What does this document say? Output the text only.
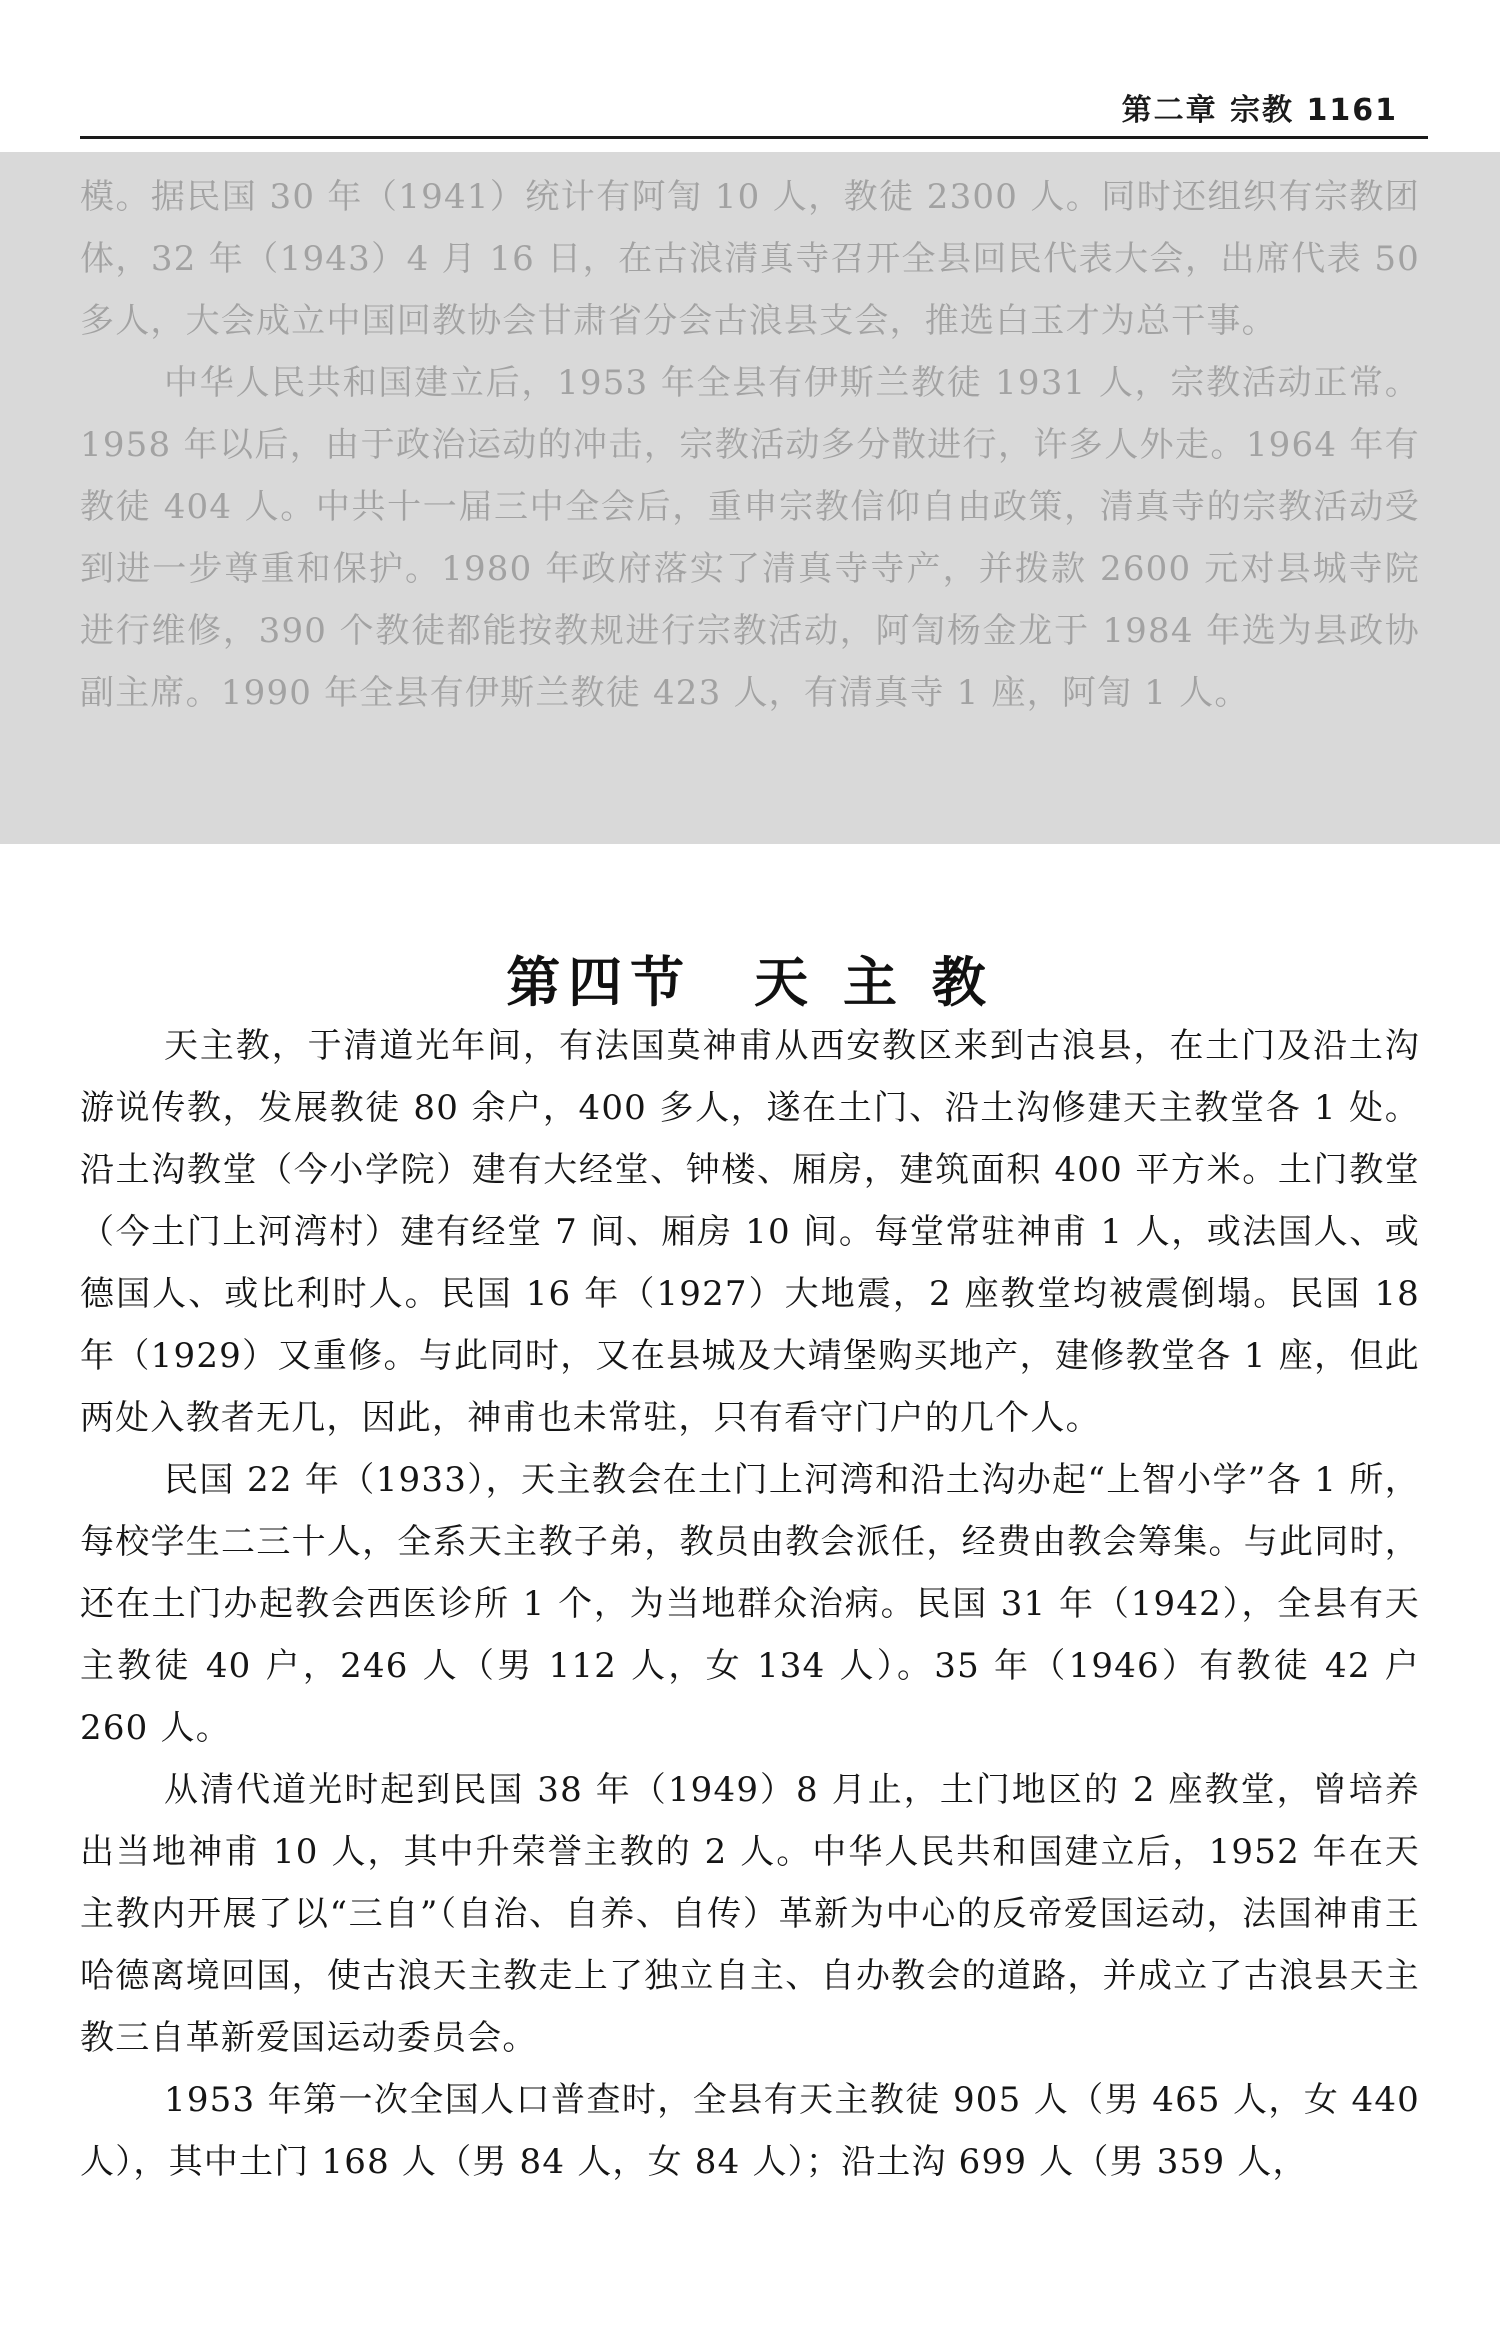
第二章 宗教 1161

模。据民国 30 年（1941）统计有阿訇 10 人，教徒 2300 人。同时还组织有宗教团体，32 年（1943）4 月 16 日，在古浪清真寺召开全县回民代表大会，出席代表 50 多人，大会成立中国回教协会甘肃省分会古浪县支会，推选白玉才为总干事。

中华人民共和国建立后，1953 年全县有伊斯兰教徒 1931 人，宗教活动正常。1958 年以后，由于政治运动的冲击，宗教活动多分散进行，许多人外走。1964 年有教徒 404 人。中共十一届三中全会后，重申宗教信仰自由政策，清真寺的宗教活动受到进一步尊重和保护。1980 年政府落实了清真寺寺产，并拨款 2600 元对县城寺院进行维修，390 个教徒都能按教规进行宗教活动，阿訇杨金龙于 1984 年选为县政协副主席。1990 年全县有伊斯兰教徒 423 人，有清真寺 1 座，阿訇 1 人。

第四节　天 主 教

天主教，于清道光年间，有法国莫神甫从西安教区来到古浪县，在土门及沿土沟游说传教，发展教徒 80 余户，400 多人，遂在土门、沿土沟修建天主教堂各 1 处。沿土沟教堂（今小学院）建有大经堂、钟楼、厢房，建筑面积 400 平方米。土门教堂（今土门上河湾村）建有经堂 7 间、厢房 10 间。每堂常驻神甫 1 人，或法国人、或德国人、或比利时人。民国 16 年（1927）大地震，2 座教堂均被震倒塌。民国 18 年（1929）又重修。与此同时，又在县城及大靖堡购买地产，建修教堂各 1 座，但此两处入教者无几，因此，神甫也未常驻，只有看守门户的几个人。

民国 22 年（1933），天主教会在土门上河湾和沿土沟办起“上智小学”各 1 所，每校学生二三十人，全系天主教子弟，教员由教会派任，经费由教会筹集。与此同时，还在土门办起教会西医诊所 1 个，为当地群众治病。民国 31 年（1942），全县有天主教徒 40 户，246 人（男 112 人，女 134 人）。35 年（1946）有教徒 42 户 260 人。

从清代道光时起到民国 38 年（1949）8 月止，土门地区的 2 座教堂，曾培养出当地神甫 10 人，其中升荣誉主教的 2 人。中华人民共和国建立后，1952 年在天主教内开展了以“三自”（自治、自养、自传）革新为中心的反帝爱国运动，法国神甫王哈德离境回国，使古浪天主教走上了独立自主、自办教会的道路，并成立了古浪县天主教三自革新爱国运动委员会。

1953 年第一次全国人口普查时，全县有天主教徒 905 人（男 465 人，女 440 人），其中土门 168 人（男 84 人，女 84 人）；沿土沟 699 人（男 359 人，
